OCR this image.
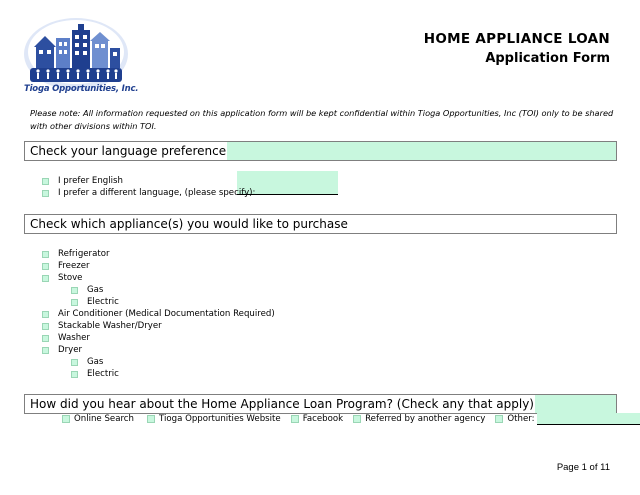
Tioga Opportunities, Inc.
HOME APPLIANCE LOAN
Application Form
Please note: All information requested on this application form will be kept confidential within Tioga Opportunities, Inc (TOI) only to be shared with other divisions within TOI.
Check your language preference
I prefer English
I prefer a different language, (please specify):
Check which appliance(s) you would like to purchase
Refrigerator
Freezer
Stove
Gas
Electric
Air Conditioner (Medical Documentation Required)
Stackable Washer/Dryer
Washer
Dryer
Gas
Electric
How did you hear about the Home Appliance Loan Program? (Check any that apply)
Online Search	Tioga Opportunities Website	Facebook	Referred by another agency	Other:
Page 1 of 11
